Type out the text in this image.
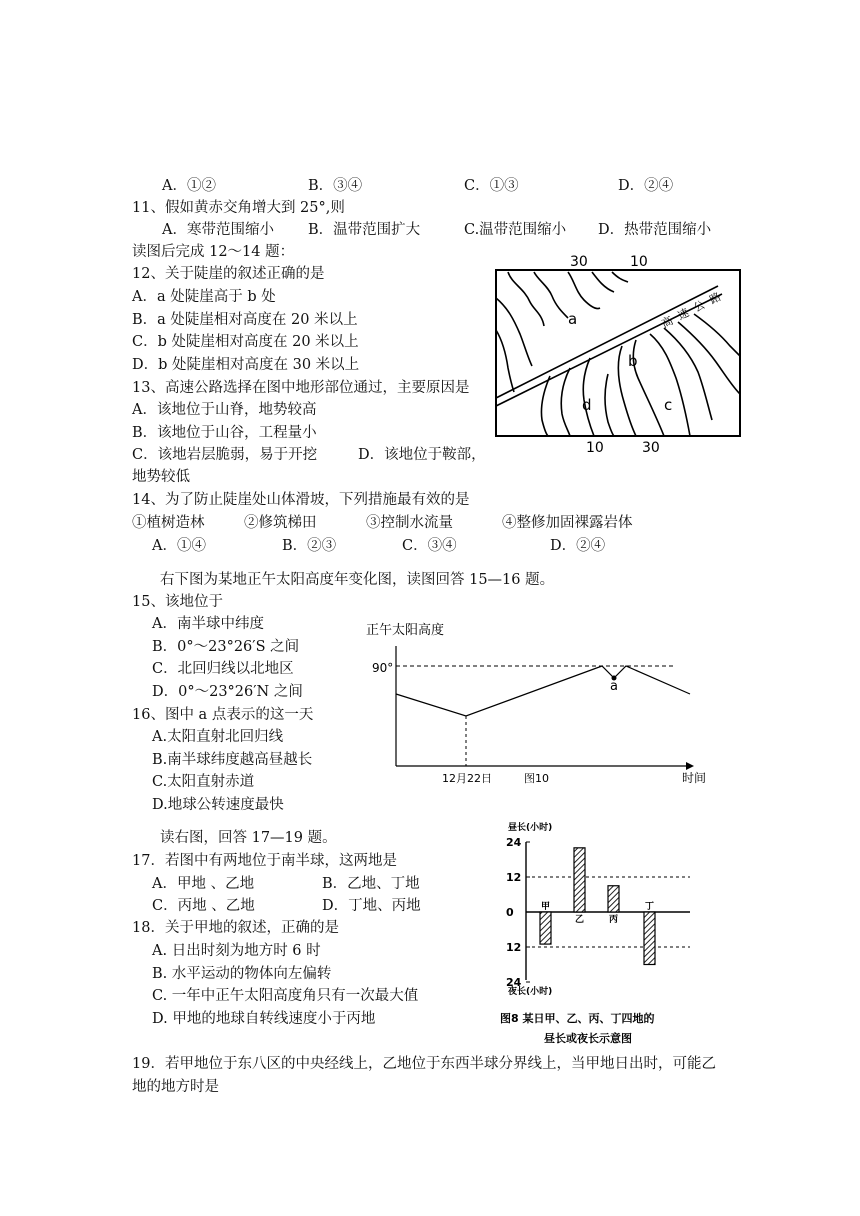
A．①②	B．③④	C．①③	D．②④
11、假如黄赤交角增大到 25°,则
A．寒带范围缩小 B．温带范围扩大	C.温带范围缩小 D．热带范围缩小
读图后完成 12～14 题：
12、关于陡崖的叙述正确的是
A．a 处陡崖高于 b 处
B．a 处陡崖相对高度在 20 米以上
C．b 处陡崖相对高度在 20 米以上
D．b 处陡崖相对高度在 30 米以上
13、高速公路选择在图中地形部位通过，主要原因是
A．该地位于山脊，地势较高
B．该地位于山谷，工程量小
C．该地岩层脆弱，易于开挖	D．该地位于鞍部，
地势较低
14、为了防止陡崖处山体滑坡，下列措施最有效的是
①植树造林	②修筑梯田	③控制水流量	④整修加固裸露岩体
A．①④	B．②③	C．③④	D．②④
右下图为某地正午太阳高度年变化图，读图回答 15—16 题。
15、该地位于
A．南半球中纬度
B．0°～23°26′S 之间
C．北回归线以北地区
D．0°～23°26′N 之间
16、图中 a 点表示的这一天
A.太阳直射北回归线
B.南半球纬度越高昼越长
C.太阳直射赤道
D.地球公转速度最快
读右图，回答 17—19 题。
17．若图中有两地位于南半球，这两地是
A．甲地 、乙地	B．乙地、丁地
C．丙地 、乙地	D．丁地、丙地
18．关于甲地的叙述，正确的是
A. 日出时刻为地方时 6 时
B. 水平运动的物体向左偏转
C. 一年中正午太阳高度角只有一次最大值
D. 甲地的地球自转线速度小于丙地
19．若甲地位于东八区的中央经线上，乙地位于东西半球分界线上，当甲地日出时，可能乙
地的地方时是
30	10
10	30
a
b
c
d
高 速 公 路
正午太阳高度
90°
a
12月22日	图10	时间
昼长(小时)
夜长(小时)
24
12
0
12
24
甲
乙	丙
丁
图8 某日甲、乙、丙、丁四地的
昼长或夜长示意图
